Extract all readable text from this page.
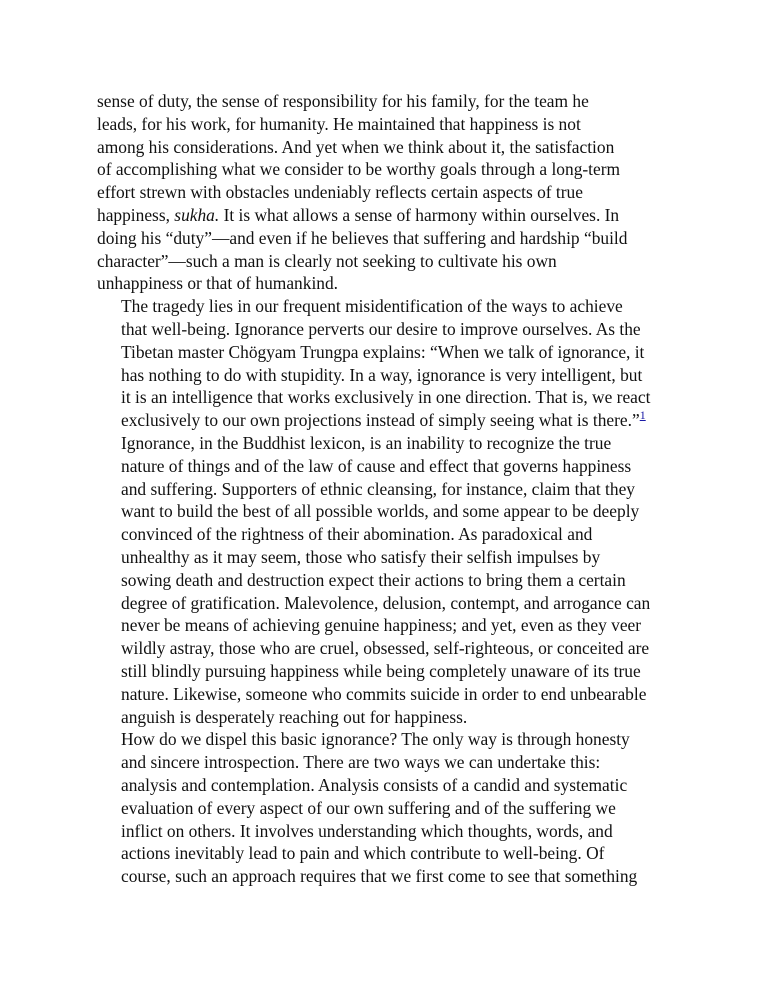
sense of duty, the sense of responsibility for his family, for the team he
leads, for his work, for humanity. He maintained that happiness is not
among his considerations. And yet when we think about it, the satisfaction
of accomplishing what we consider to be worthy goals through a long-term
effort strewn with obstacles undeniably reflects certain aspects of true
happiness, sukha. It is what allows a sense of harmony within ourselves. In
doing his “duty”—and even if he believes that suffering and hardship “build
character”—such a man is clearly not seeking to cultivate his own
unhappiness or that of humankind.

The tragedy lies in our frequent misidentification of the ways to achieve
that well-being. Ignorance perverts our desire to improve ourselves. As the
Tibetan master Chögyam Trungpa explains: “When we talk of ignorance, it
has nothing to do with stupidity. In a way, ignorance is very intelligent, but
it is an intelligence that works exclusively in one direction. That is, we react
exclusively to our own projections instead of simply seeing what is there.”$^1$

Ignorance, in the Buddhist lexicon, is an inability to recognize the true
nature of things and of the law of cause and effect that governs happiness
and suffering. Supporters of ethnic cleansing, for instance, claim that they
want to build the best of all possible worlds, and some appear to be deeply
convinced of the rightness of their abomination. As paradoxical and
unhealthy as it may seem, those who satisfy their selfish impulses by
sowing death and destruction expect their actions to bring them a certain
degree of gratification. Malevolence, delusion, contempt, and arrogance can
never be means of achieving genuine happiness; and yet, even as they veer
wildly astray, those who are cruel, obsessed, self-righteous, or conceited are
still blindly pursuing happiness while being completely unaware of its true
nature. Likewise, someone who commits suicide in order to end unbearable
anguish is desperately reaching out for happiness.

How do we dispel this basic ignorance? The only way is through honesty
and sincere introspection. There are two ways we can undertake this:
analysis and contemplation. Analysis consists of a candid and systematic
evaluation of every aspect of our own suffering and of the suffering we
inflict on others. It involves understanding which thoughts, words, and
actions inevitably lead to pain and which contribute to well-being. Of
course, such an approach requires that we first come to see that something
